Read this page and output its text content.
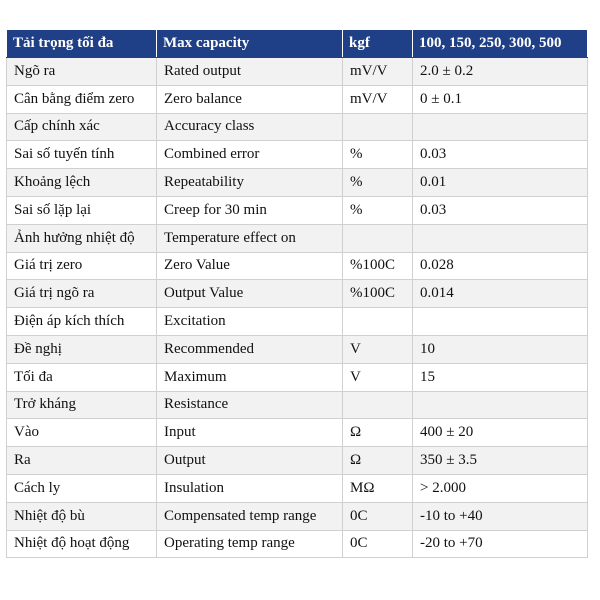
Tải trọng tối đa	Max capacity	kgf	100, 150, 250, 300, 500
Ngõ ra	Rated output	mV/V	2.0 ± 0.2
Cân bằng điểm zero	Zero balance	mV/V	0 ± 0.1
Cấp chính xác	Accuracy class		
Sai số tuyến tính	Combined error	%	0.03
Khoảng lệch	Repeatability	%	0.01
Sai số lặp lại	Creep for 30 min	%	0.03
Ảnh hưởng nhiệt độ	Temperature effect on		
Giá trị zero	Zero Value	%100C	0.028
Giá trị ngõ ra	Output Value	%100C	0.014
Điện áp kích thích	Excitation		
Đề nghị	Recommended	V	10
Tối đa	Maximum	V	15
Trở kháng	Resistance		
Vào	Input	Ω	400 ± 20
Ra	Output	Ω	350 ± 3.5
Cách ly	Insulation	MΩ	> 2.000
Nhiệt độ bù	Compensated temp range	0C	-10 to +40
Nhiệt độ hoạt động	Operating temp range	0C	-20 to +70
